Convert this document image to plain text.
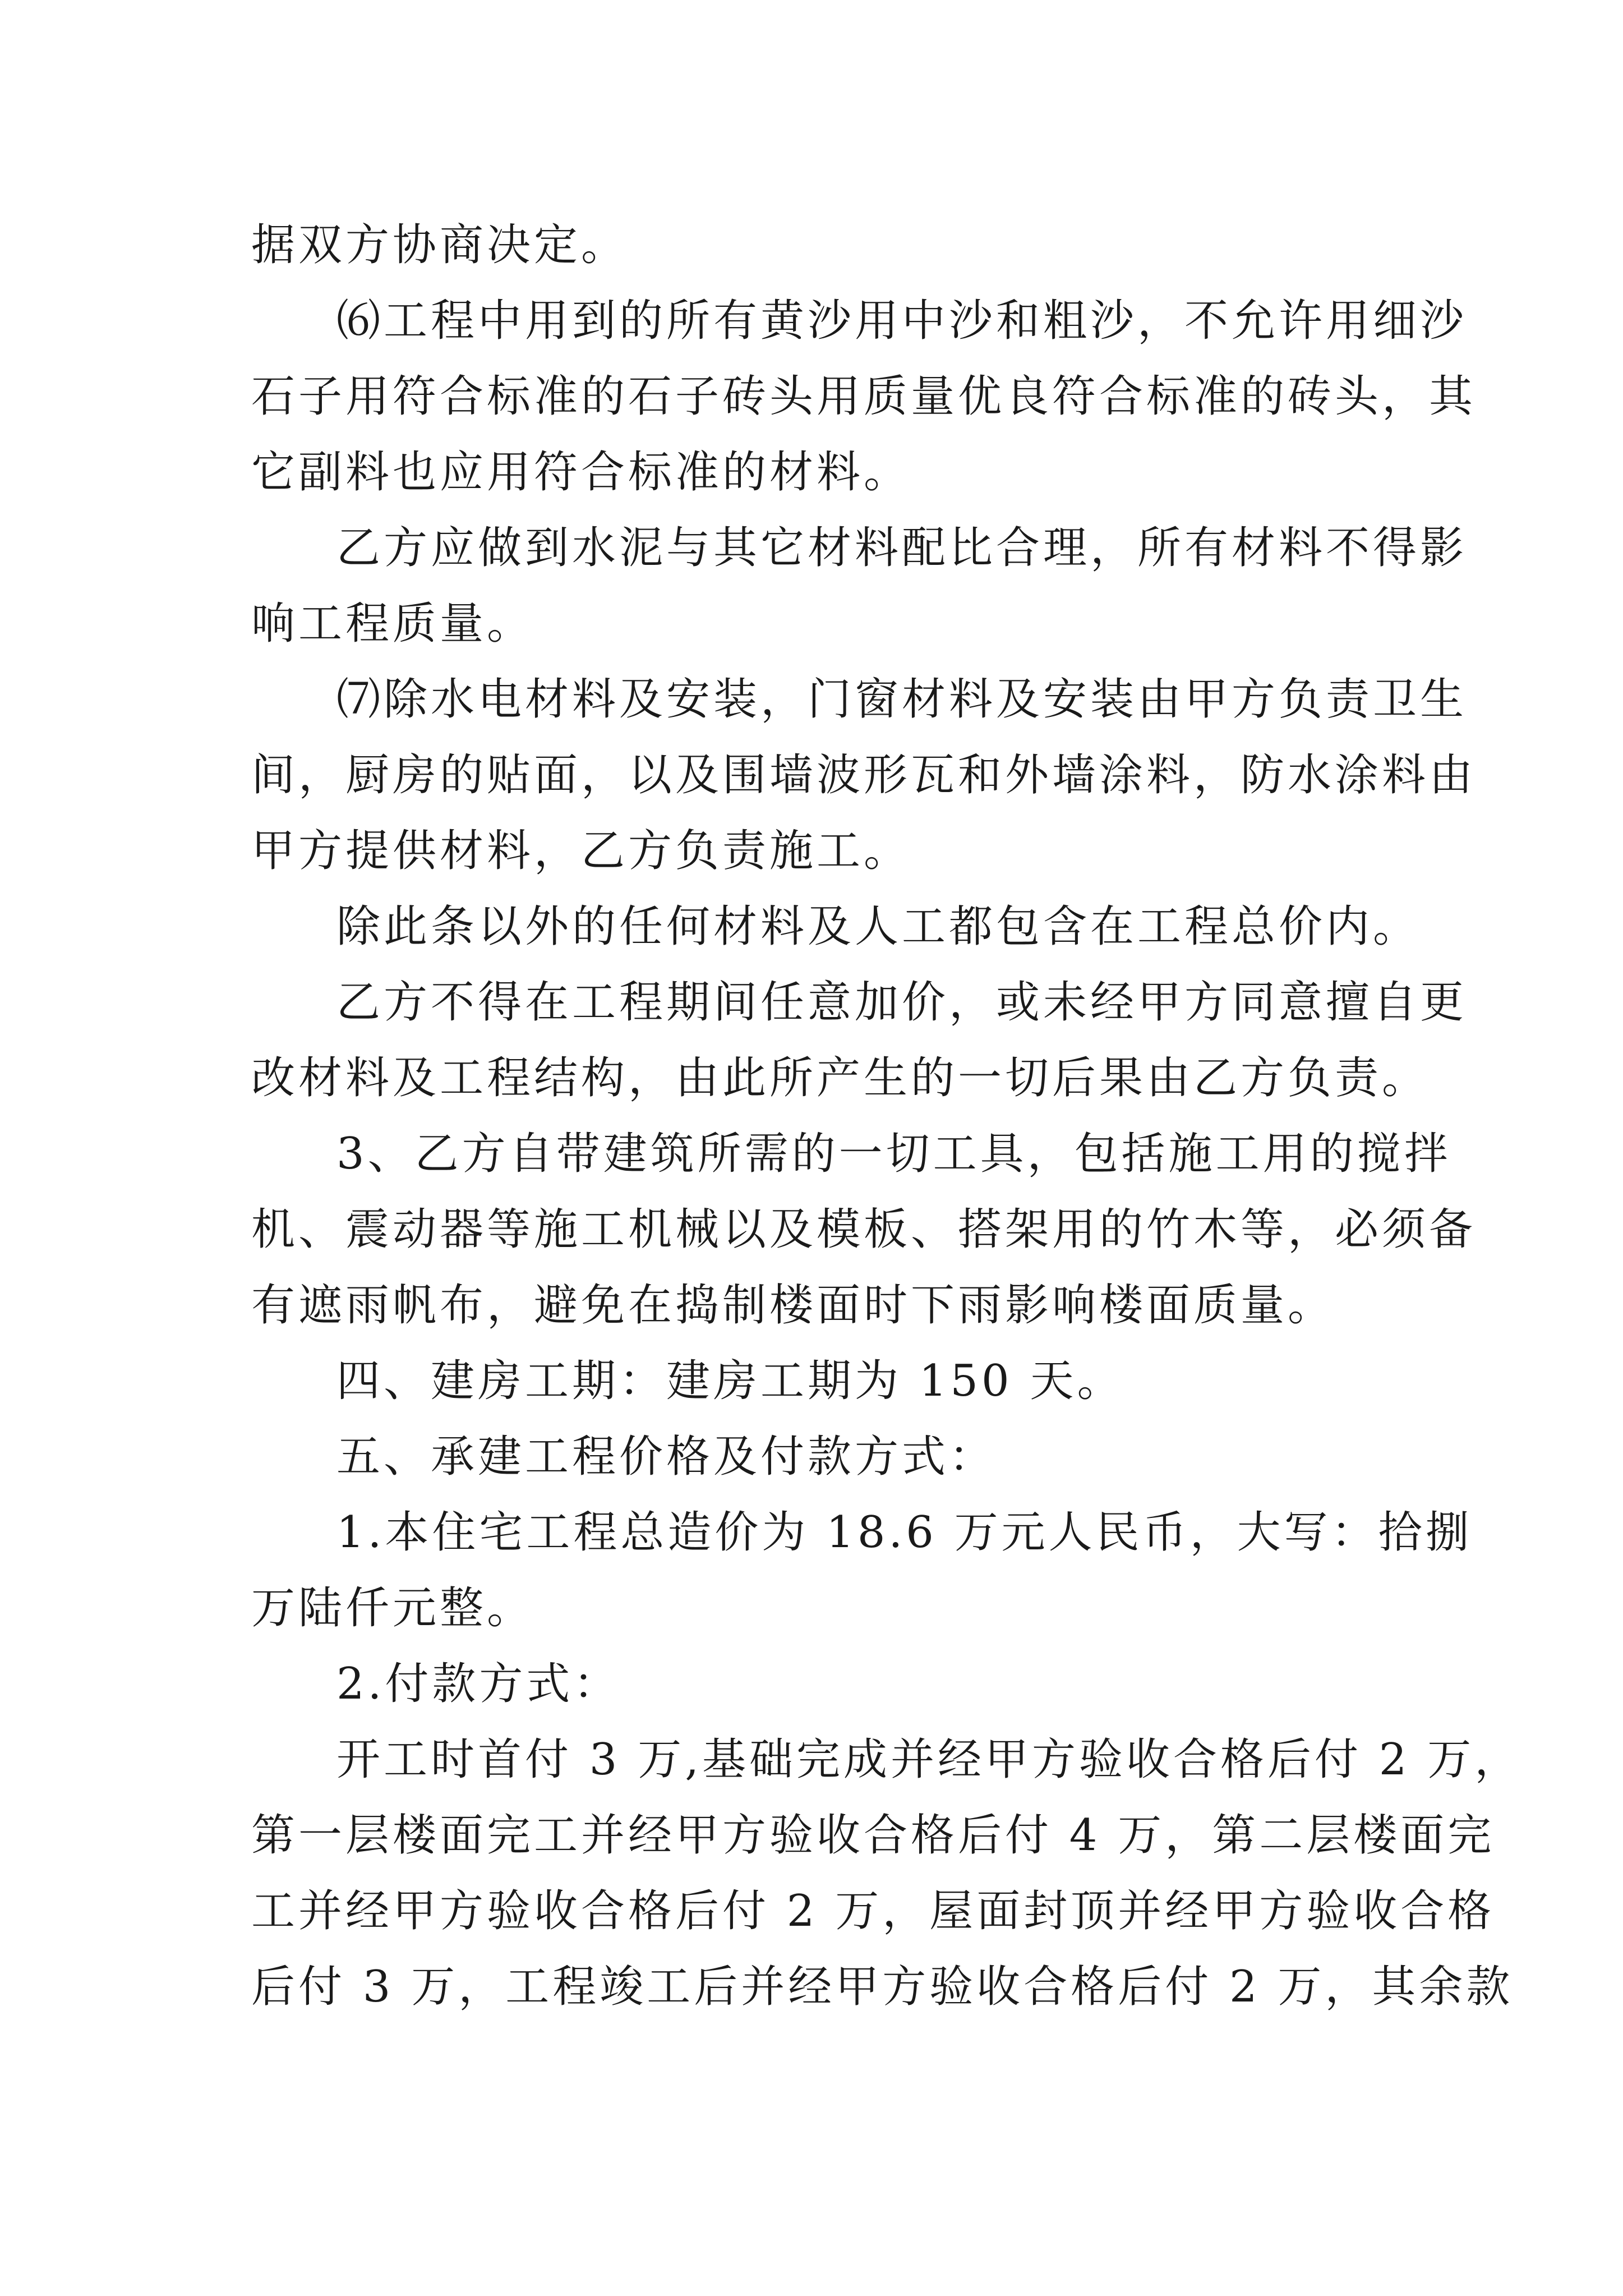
据双方协商决定。
⑹工程中用到的所有黄沙用中沙和粗沙，不允许用细沙
石子用符合标准的石子砖头用质量优良符合标准的砖头，其
它副料也应用符合标准的材料。
乙方应做到水泥与其它材料配比合理，所有材料不得影
响工程质量。
⑺除水电材料及安装，门窗材料及安装由甲方负责卫生
间，厨房的贴面，以及围墙波形瓦和外墙涂料，防水涂料由
甲方提供材料，乙方负责施工。
除此条以外的任何材料及人工都包含在工程总价内。
乙方不得在工程期间任意加价，或未经甲方同意擅自更
改材料及工程结构，由此所产生的一切后果由乙方负责。
3、乙方自带建筑所需的一切工具，包括施工用的搅拌
机、震动器等施工机械以及模板、搭架用的竹木等，必须备
有遮雨帆布，避免在捣制楼面时下雨影响楼面质量。
四、建房工期：建房工期为 150 天。
五、承建工程价格及付款方式：
1.本住宅工程总造价为 18.6 万元人民币，大写：拾捌
万陆仟元整。
2.付款方式：
开工时首付 3 万,基础完成并经甲方验收合格后付 2 万，
第一层楼面完工并经甲方验收合格后付 4 万，第二层楼面完
工并经甲方验收合格后付 2 万，屋面封顶并经甲方验收合格
后付 3 万，工程竣工后并经甲方验收合格后付 2 万，其余款
